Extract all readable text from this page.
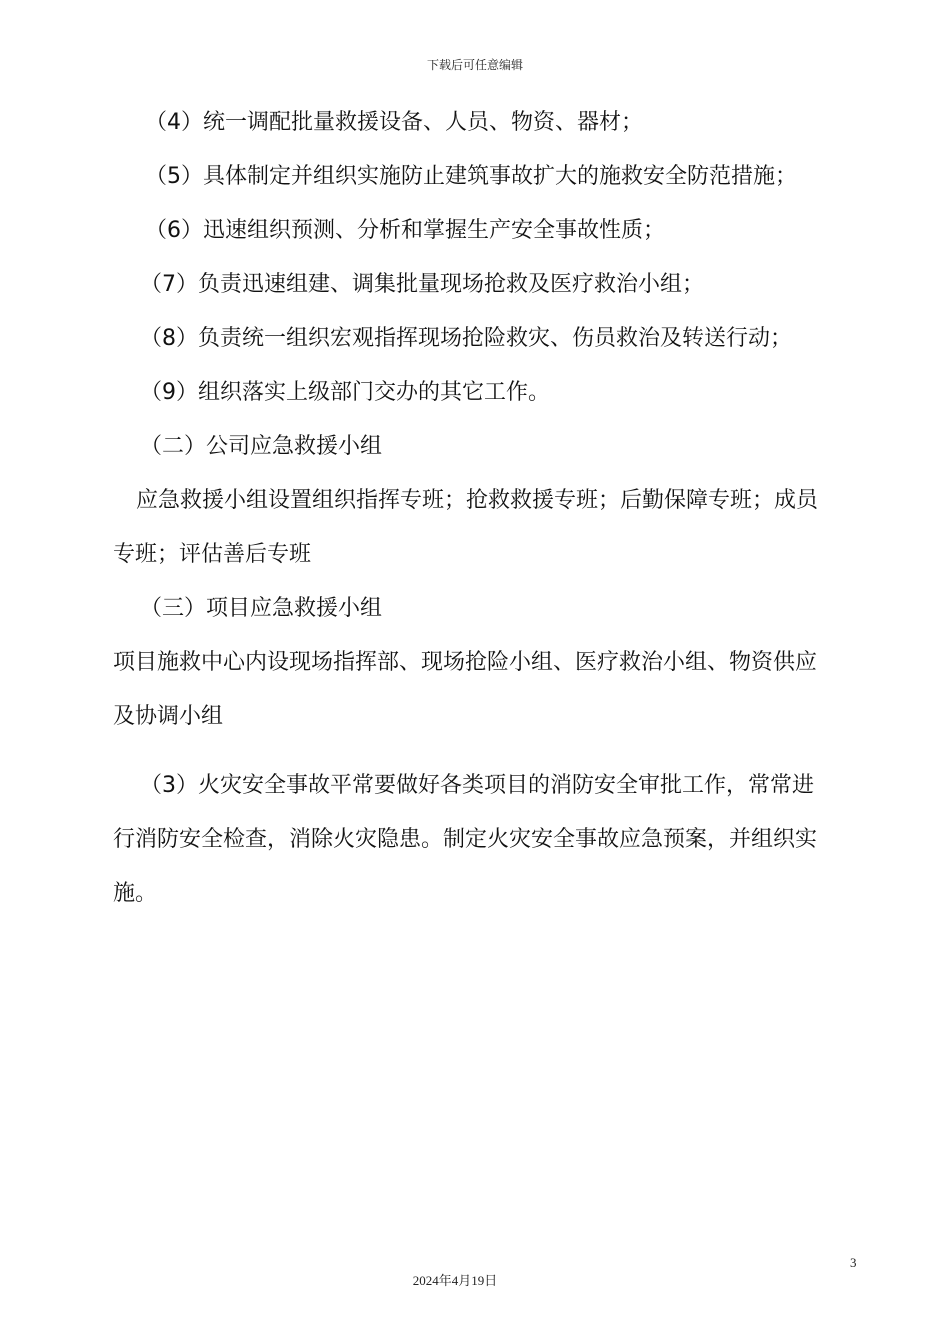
下载后可任意编辑
（4）统一调配批量救援设备、人员、物资、器材；
（5）具体制定并组织实施防止建筑事故扩大的施救安全防范措施；
（6）迅速组织预测、分析和掌握生产安全事故性质；
（7）负责迅速组建、调集批量现场抢救及医疗救治小组；
（8）负责统一组织宏观指挥现场抢险救灾、伤员救治及转送行动；
（9）组织落实上级部门交办的其它工作。
（二）公司应急救援小组
应急救援小组设置组织指挥专班；抢救救援专班；后勤保障专班；成员
专班；评估善后专班
（三）项目应急救援小组
项目施救中心内设现场指挥部、现场抢险小组、医疗救治小组、物资供应
及协调小组
（3）火灾安全事故平常要做好各类项目的消防安全审批工作，常常进
行消防安全检查，消除火灾隐患。制定火灾安全事故应急预案，并组织实
施。
3
2024年4月19日
